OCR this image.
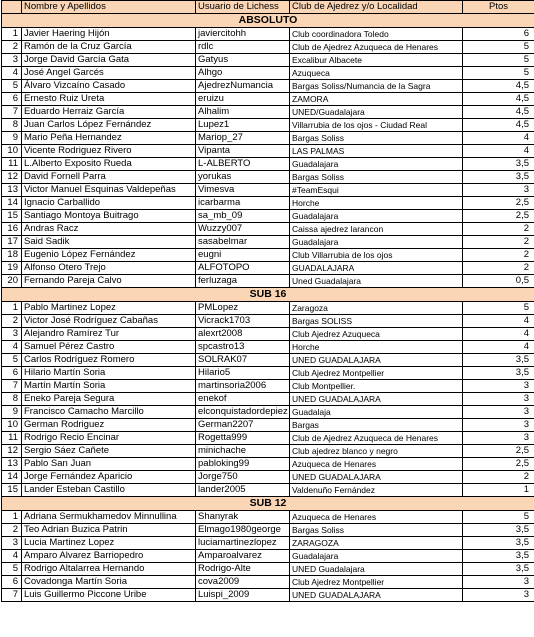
	Nombre y Apellidos	Usuario de Lichess	Club de Ajedrez y/o Localidad	Ptos
ABSOLUTO				
1	Javier Haering Hijón	javiercitohh	Club coordinadora Toledo	6
2	Ramón de la Cruz García	rdlc	Club de Ajedrez Azuqueca de Henares	5
3	Jorge David García Gata	Gatyus	Excalibur Albacete	5
4	José Angel Garcés	Alhgo	Azuqueca	5
5	Álvaro Vizcaíno Casado	AjedrezNumancia	Bargas Soliss/Numancia de la Sagra	4,5
6	Ernesto Ruiz Ureta	eruizu	ZAMORA	4,5
7	Eduardo Herraiz García	Alhalim	UNED/Guadalajara	4,5
8	Juan Carlos López Fernández	Lupez1	Villarrubia de los ojos - Ciudad Real	4,5
9	Mario Peña Hernandez	Mariop_27	Bargas Soliss	4
10	Vicente Rodriguez Rivero	Vipanta	LAS PALMAS	4
11	L.Alberto Exposito Rueda	L-ALBERTO	Guadalajara	3,5
12	David Fornell Parra	yorukas	Bargas Soliss	3,5
13	Victor Manuel Esquinas Valdepeñas	Vimesva	#TeamEsqui	3
14	Ignacio Carballido	icarbarma	Horche	2,5
15	Santiago Montoya Buitrago	sa_mb_09	Guadalajara	2,5
16	Andras Racz	Wuzzy007	Caissa ajedrez laranc​on	2
17	Said Sadik	sasabelmar	Guadalajara	2
18	Eugenio López Fernández	eugni	Club Villarrubia de los ojos	2
19	Alfonso Otero Trejo	ALFOTOPO	GUADALAJARA	2
20	Fernando Pareja Calvo	ferluzaga	Uned Guadalajara	0,5
SUB 16				
1	Pablo Martinez Lopez	PMLopez	Zaragoza	5
2	Victor José Rodríguez Cabañas	Vicrack1703	Bargas SOLISS	4
3	Alejandro Ramírez Tur	alexrt2008	Club Ajedrez Azuqueca	4
4	Samuel Pérez Castro	spcastro13	Horche	4
5	Carlos Rodríguez Romero	SOLRAK07	UNED GUADALAJARA	3,5
6	Hilario Martín Soria	Hilario5	Club Ajedrez Montpellier	3,5
7	Martín Martín Soria	martinsoria2006	Club Montpellier.	3
8	Eneko Pareja Segura	enekof	UNED GUADALAJARA	3
9	Francisco Camacho Marcillo	elconquistadordepiez	Guadalaja	3
10	German Rodriguez	German2207	Bargas	3
11	Rodrigo Recio Encinar	Rogetta999	Club de Ajedrez Azuqueca de Henares	3
12	Sergio Sáez Cañete	minichache	Club ajedrez blanco y negro	2,5
13	Pablo San Juan	pabloking99	Azuqueca de Henares	2,5
14	Jorge Fernández Aparicio	Jorge750	UNED GUADALAJARA	2
15	Lander Esteban Castillo	lander2005	Valdenuño Fernández	1
SUB 12				
1	Adriana Sermukhamedov Minnullina	Shanyrak	Azuqueca de Henares	5
2	Teo Adrian Buzica Patrin	Elmago1980george	Bargas Soliss	3,5
3	Lucia Martinez Lopez	luciamartinezlopez	ZARAGOZA	3,5
4	Amparo Alvarez Barriopedro	Amparoalvarez	Guadalajara	3,5
5	Rodrigo Altalarrea Hernando	Rodrigo-Alte	UNED Guadalajara	3,5
6	Covadonga Martín Soria	cova2009	Club Ajedrez Montpellier	3
7	Luis Guillermo Piccone Uribe	Luispi_2009	UNED GUADALAJARA	3
